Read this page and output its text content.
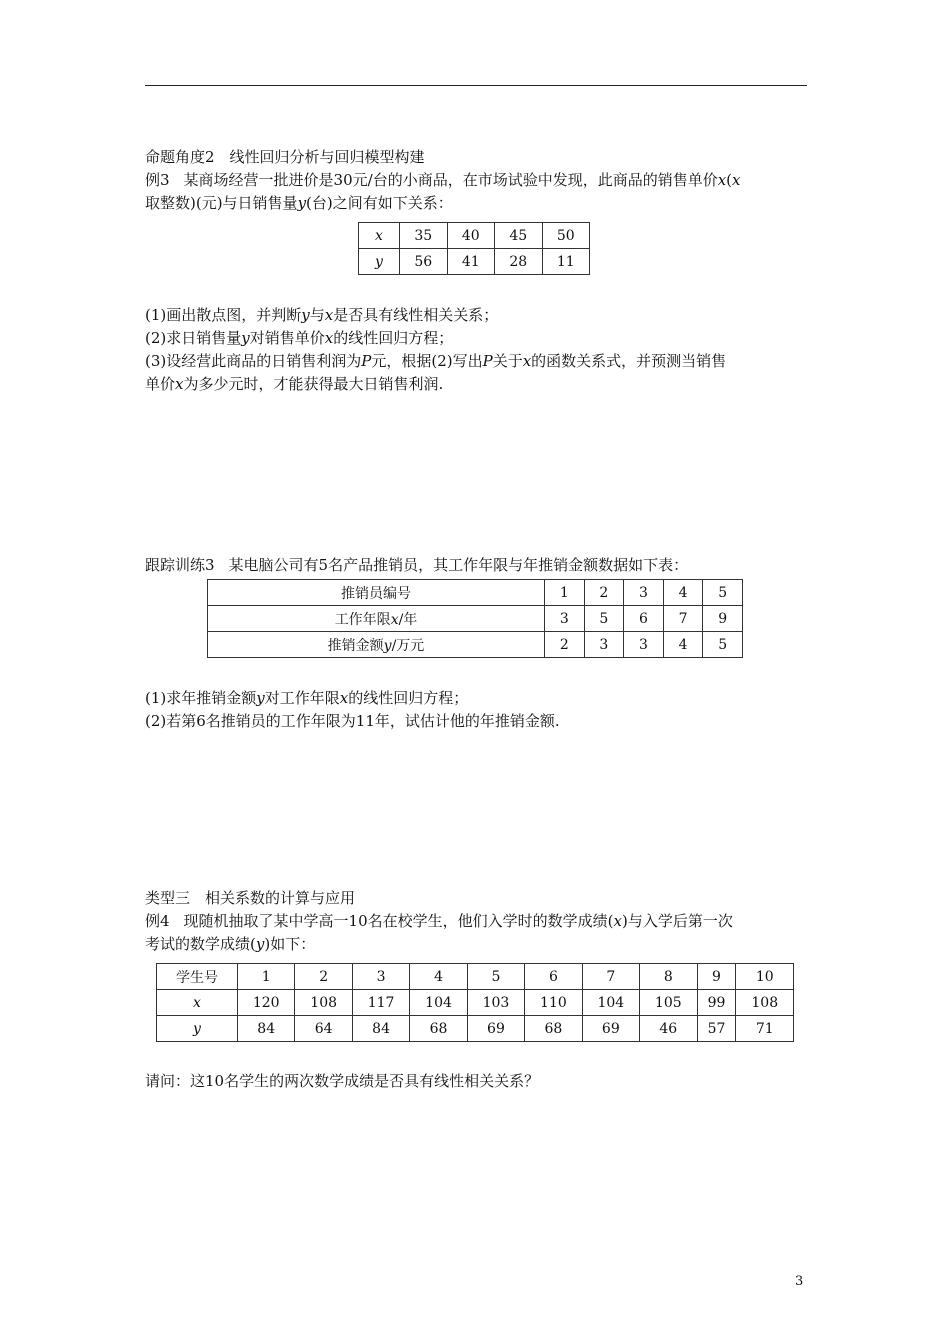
命题角度2　线性回归分析与回归模型构建
例3 某商场经营一批进价是30元/台的小商品，在市场试验中发现，此商品的销售单价x(x
取整数)(元)与日销售量y(台)之间有如下关系：
x	35	40	45	50
y	56	41	28	11
(1)画出散点图，并判断y与x是否具有线性相关关系；
(2)求日销售量y对销售单价x的线性回归方程；
(3)设经营此商品的日销售利润为P元，根据(2)写出P关于x的函数关系式，并预测当销售
单价x为多少元时，才能获得最大日销售利润.
跟踪训练3 某电脑公司有5名产品推销员，其工作年限与年推销金额数据如下表：
推销员编号	1	2	3	4	5
工作年限x/年	3	5	6	7	9
推销金额y/万元	2	3	3	4	5
(1)求年推销金额y对工作年限x的线性回归方程；
(2)若第6名推销员的工作年限为11年，试估计他的年推销金额.
类型三　相关系数的计算与应用
例4 现随机抽取了某中学高一10名在校学生，他们入学时的数学成绩(x)与入学后第一次
考试的数学成绩(y)如下：
学生号	1	2	3	4	5	6	7	8	9	10
x	120	108	117	104	103	110	104	105	99	108
y	84	64	84	68	69	68	69	46	57	71
请问：这10名学生的两次数学成绩是否具有线性相关关系？
3
